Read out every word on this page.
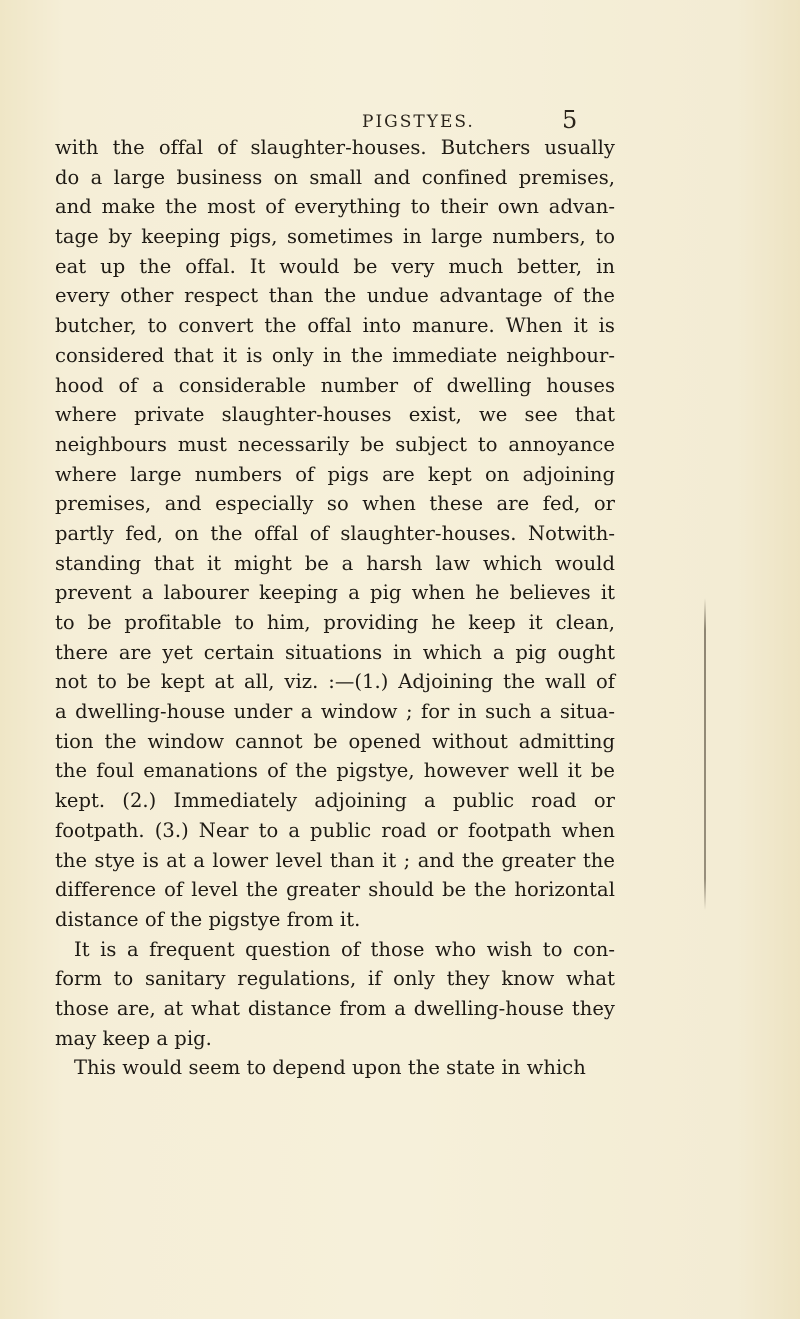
PIGSTYES.	5
with the offal of slaughter-houses. Butchers usually
do a large business on small and confined premises,
and make the most of everything to their own advan-
tage by keeping pigs, sometimes in large numbers, to
eat up the offal. It would be very much better, in
every other respect than the undue advantage of the
butcher, to convert the offal into manure. When it is
considered that it is only in the immediate neighbour-
hood of a considerable number of dwelling houses
where private slaughter-houses exist, we see that
neighbours must necessarily be subject to annoyance
where large numbers of pigs are kept on adjoining
premises, and especially so when these are fed, or
partly fed, on the offal of slaughter-houses. Notwith-
standing that it might be a harsh law which would
prevent a labourer keeping a pig when he believes it
to be profitable to him, providing he keep it clean,
there are yet certain situations in which a pig ought
not to be kept at all, viz. :—(1.) Adjoining the wall of
a dwelling-house under a window ; for in such a situa-
tion the window cannot be opened without admitting
the foul emanations of the pigstye, however well it be
kept. (2.) Immediately adjoining a public road or
footpath. (3.) Near to a public road or footpath when
the stye is at a lower level than it ; and the greater the
difference of level the greater should be the horizontal
distance of the pigstye from it.
It is a frequent question of those who wish to con-
form to sanitary regulations, if only they know what
those are, at what distance from a dwelling-house they
may keep a pig.
This would seem to depend upon the state in which
